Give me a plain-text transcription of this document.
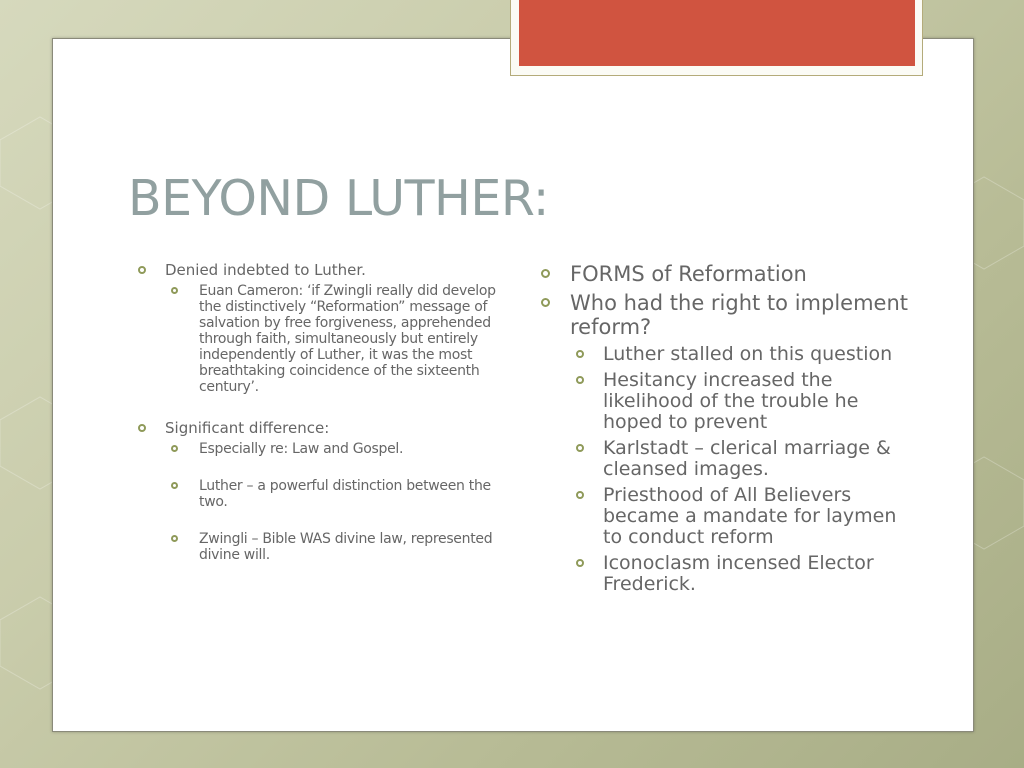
BEYOND LUTHER:
Denied indebted to Luther.
Euan Cameron: ‘if Zwingli really did develop the distinctively “Reformation” message of salvation by free forgiveness, apprehended through faith, simultaneously but entirely independently of Luther, it was the most breathtaking coincidence of the sixteenth century’.
Significant difference:
Especially re: Law and Gospel.
Luther – a powerful distinction between the two.
Zwingli – Bible WAS divine law, represented divine will.
FORMS of Reformation
Who had the right to implement reform?
Luther stalled on this question
Hesitancy increased the likelihood of the trouble he hoped to prevent
Karlstadt – clerical marriage & cleansed images.
Priesthood of All Believers became a mandate for laymen to conduct reform
Iconoclasm incensed Elector Frederick.
